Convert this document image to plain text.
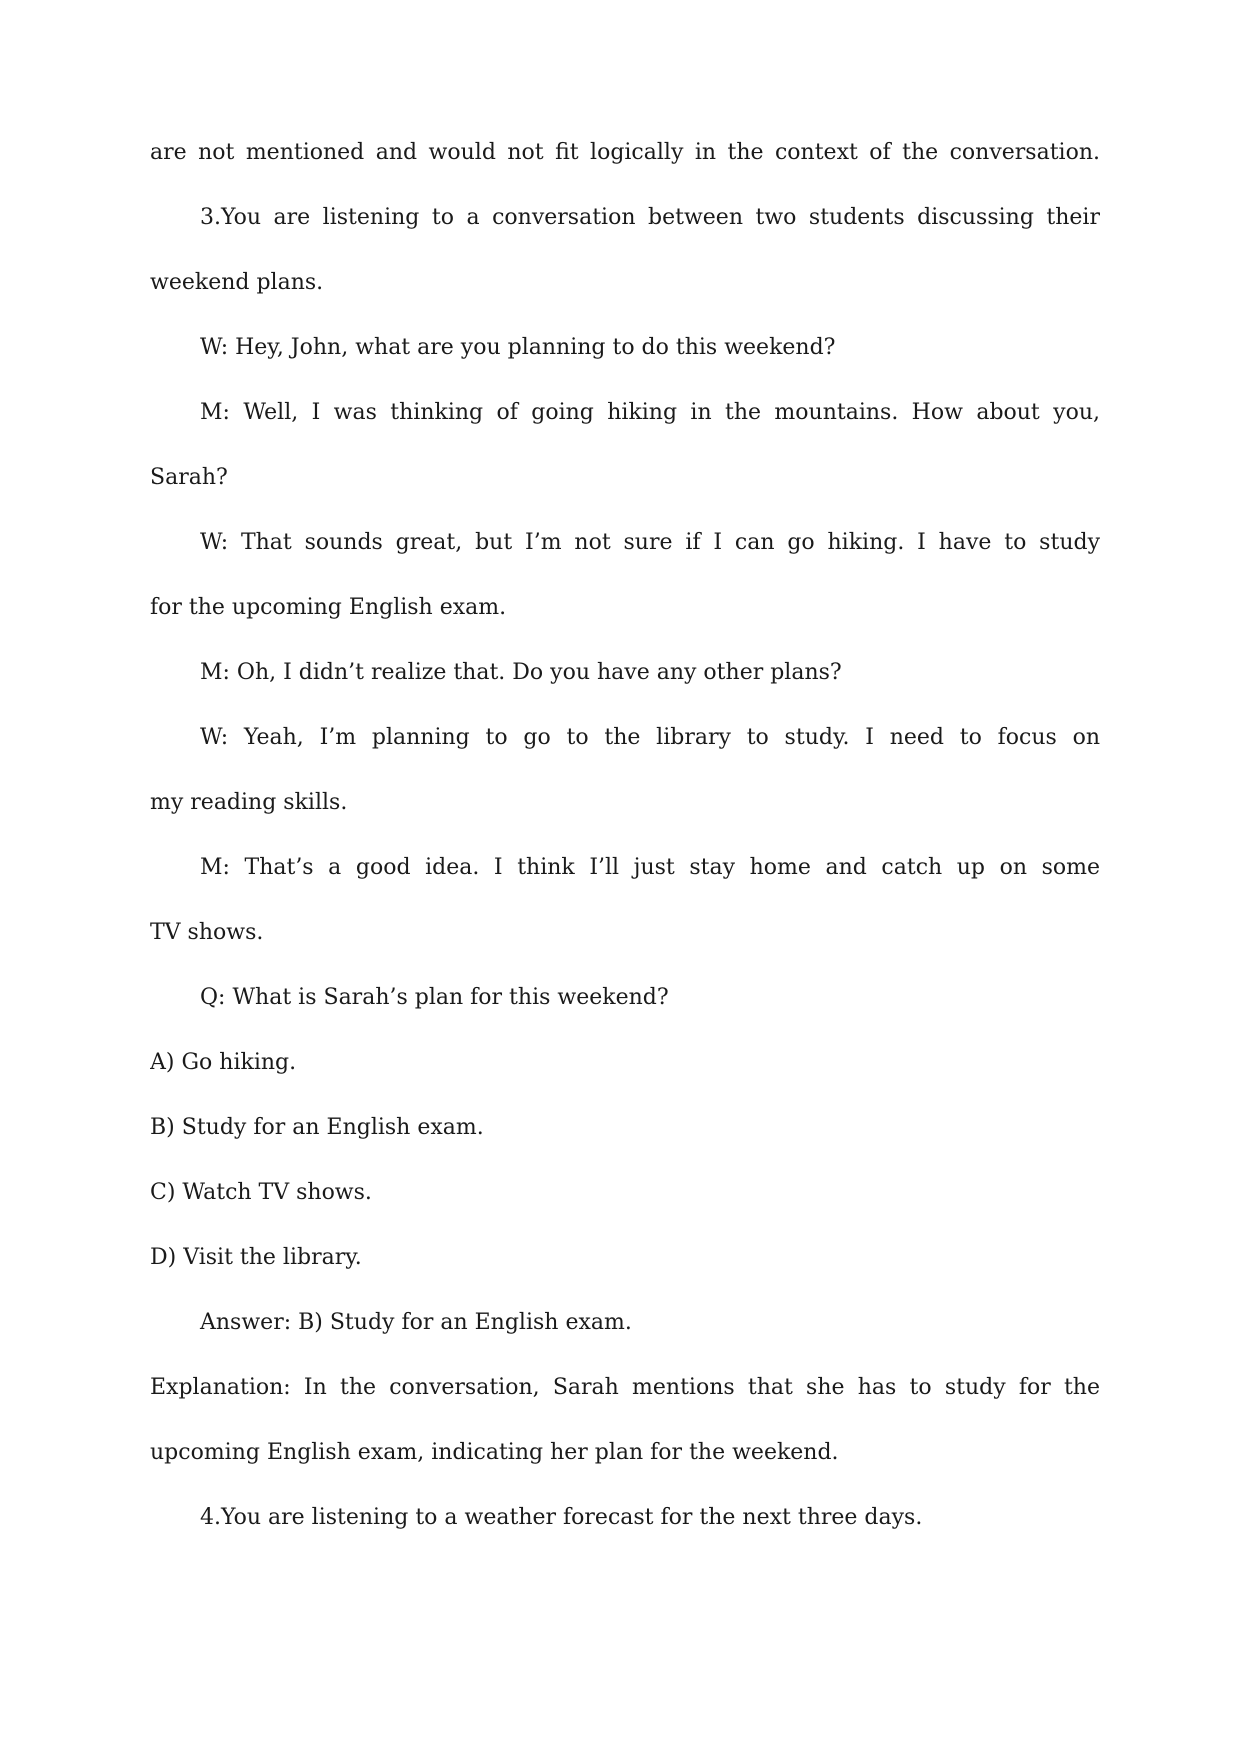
are not mentioned and would not fit logically in the context of the conversation.
3.You are listening to a conversation between two students discussing their
weekend plans.
W: Hey, John, what are you planning to do this weekend?
M: Well, I was thinking of going hiking in the mountains. How about you,
Sarah?
W: That sounds great, but I’m not sure if I can go hiking. I have to study
for the upcoming English exam.
M: Oh, I didn’t realize that. Do you have any other plans?
W: Yeah, I’m planning to go to the library to study. I need to focus on
my reading skills.
M: That’s a good idea. I think I’ll just stay home and catch up on some
TV shows.
Q: What is Sarah’s plan for this weekend?
A) Go hiking.
B) Study for an English exam.
C) Watch TV shows.
D) Visit the library.
Answer: B) Study for an English exam.
Explanation: In the conversation, Sarah mentions that she has to study for the
upcoming English exam, indicating her plan for the weekend.
4.You are listening to a weather forecast for the next three days.
